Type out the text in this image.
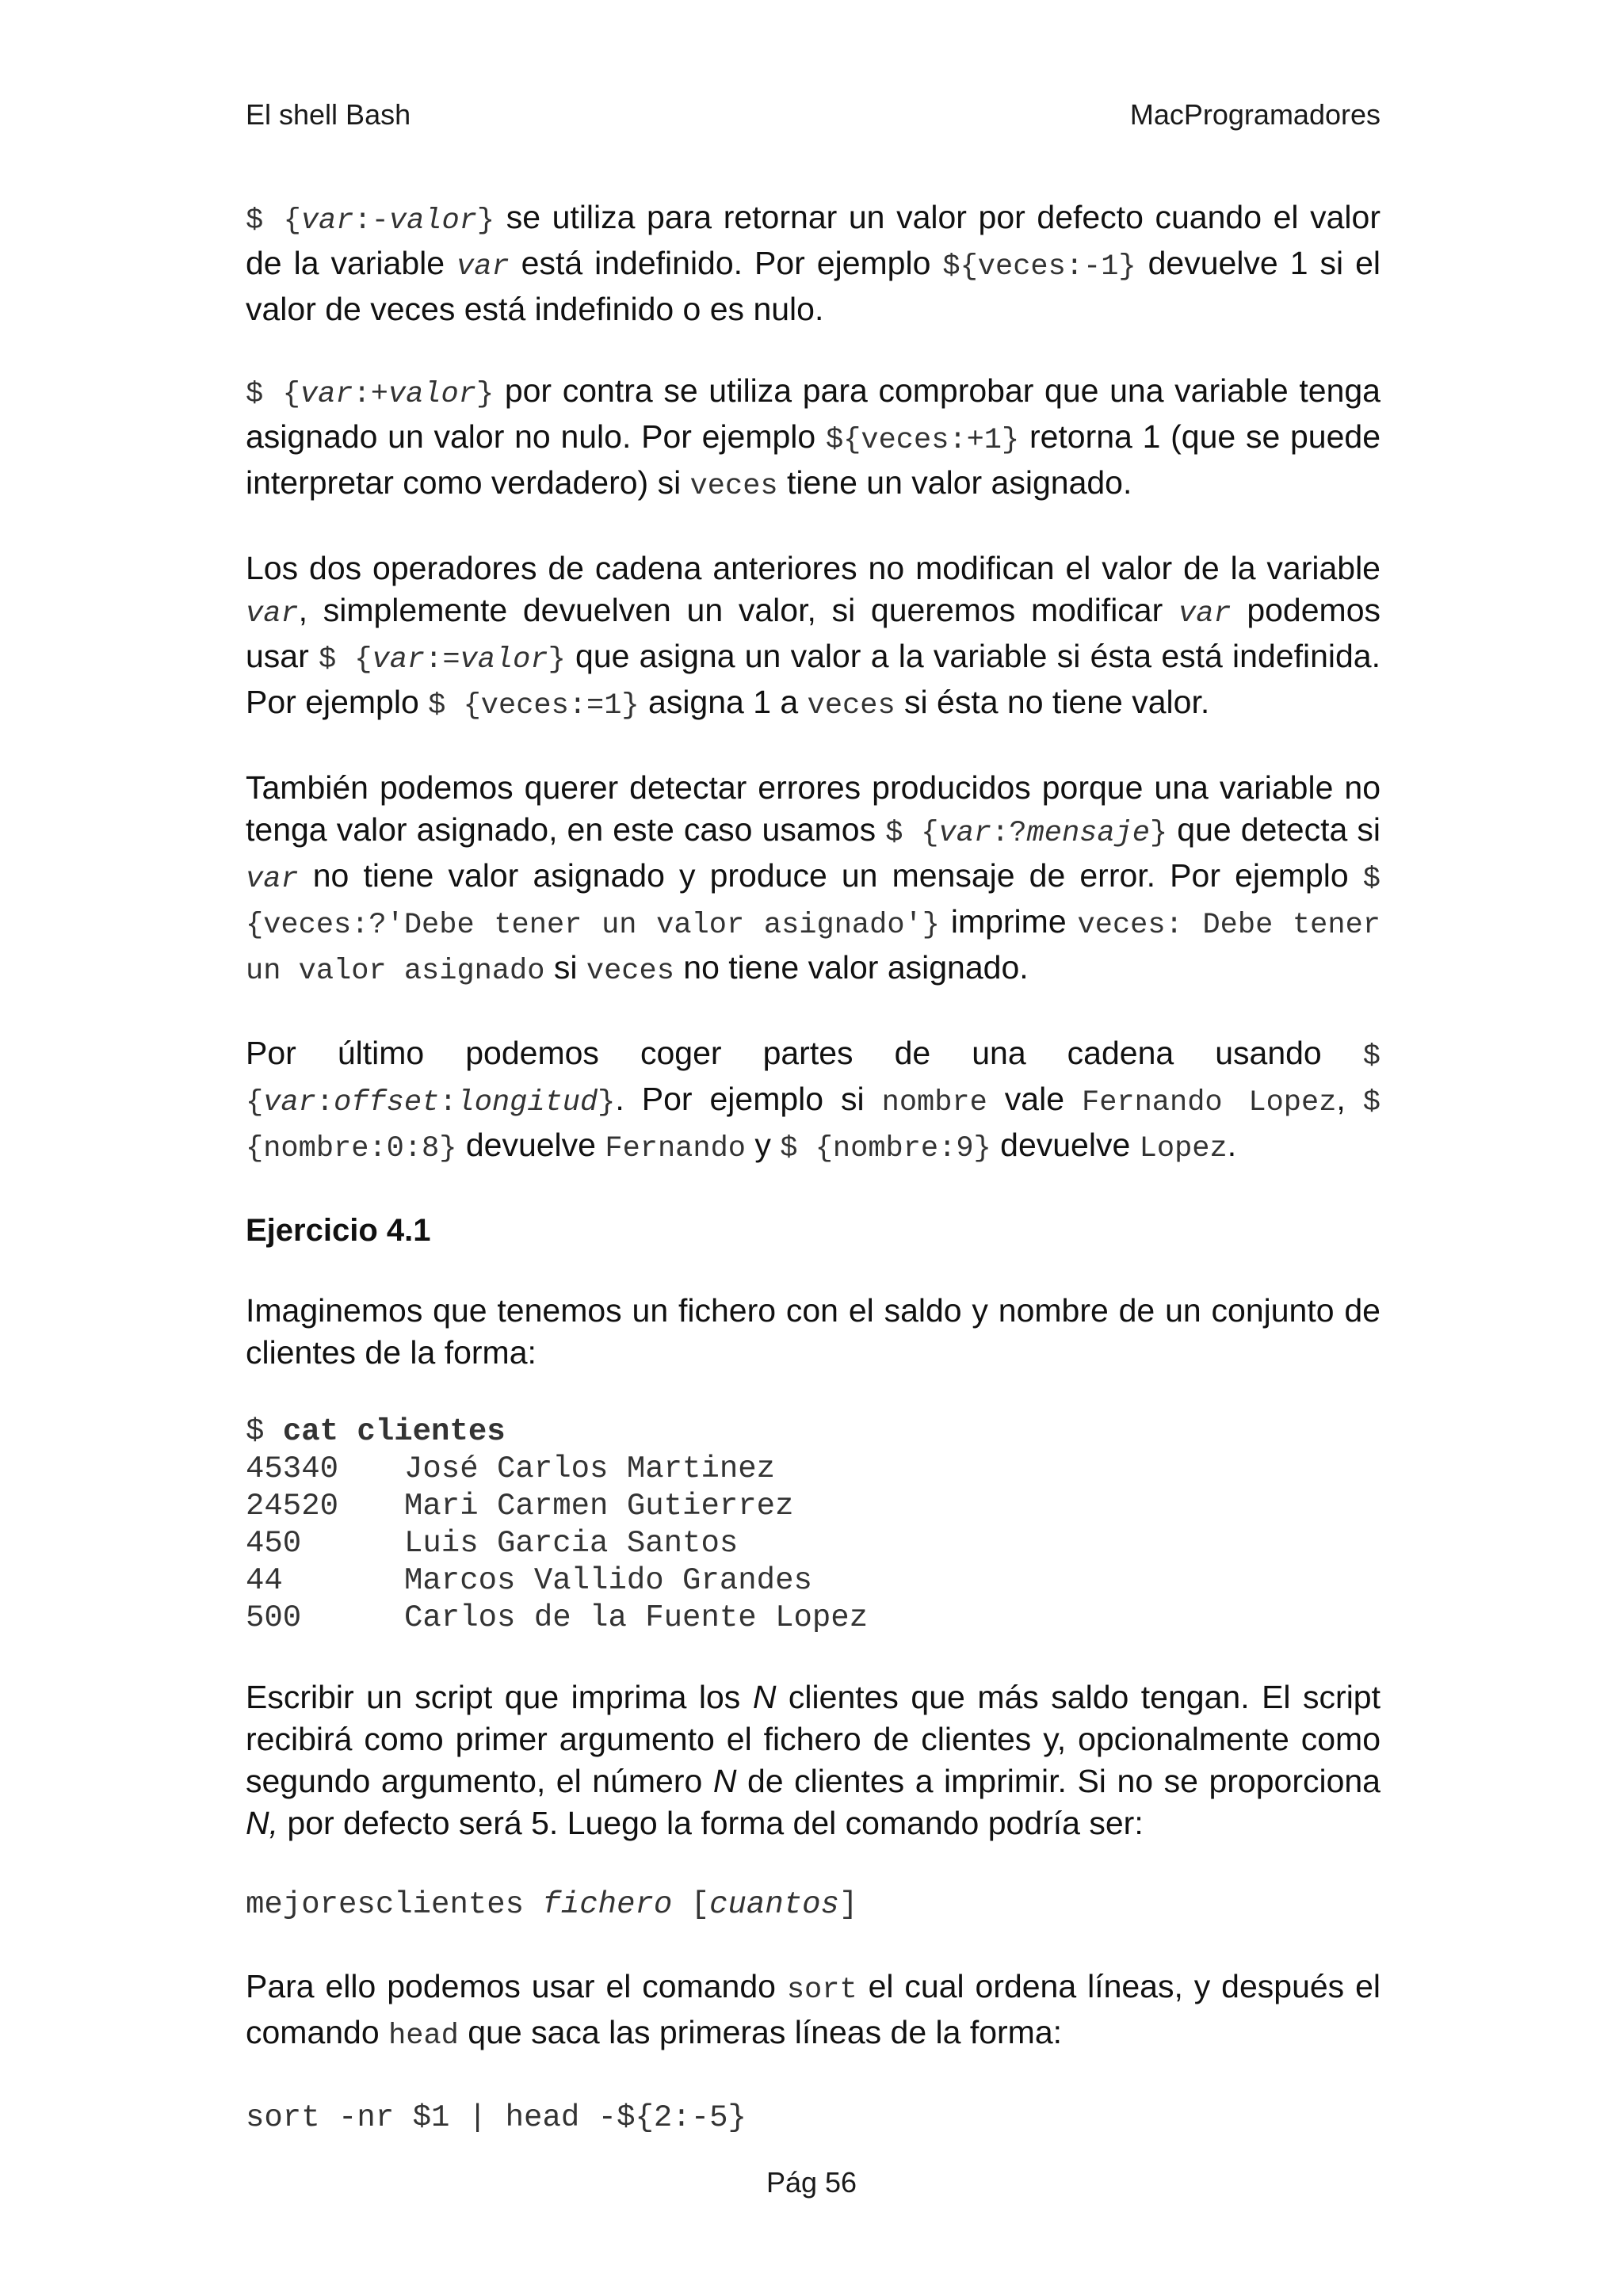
El shell Bash	MacProgramadores

$ {var:-valor} se utiliza para retornar un valor por defecto cuando el valor de la variable var está indefinido. Por ejemplo ${veces:-1} devuelve 1 si el valor de veces está indefinido o es nulo.

$ {var:+valor} por contra se utiliza para comprobar que una variable tenga asignado un valor no nulo. Por ejemplo ${veces:+1} retorna 1 (que se puede interpretar como verdadero) si veces tiene un valor asignado.

Los dos operadores de cadena anteriores no modifican el valor de la variable var, simplemente devuelven un valor, si queremos modificar var podemos usar $ {var:=valor} que asigna un valor a la variable si ésta está indefinida. Por ejemplo $ {veces:=1} asigna 1 a veces si ésta no tiene valor.

También podemos querer detectar errores producidos porque una variable no tenga valor asignado, en este caso usamos $ {var:?mensaje} que detecta si var no tiene valor asignado y produce un mensaje de error. Por ejemplo $ {veces:?'Debe tener un valor asignado'} imprime veces: Debe tener un valor asignado si veces no tiene valor asignado.

Por último podemos coger partes de una cadena usando $ {var:offset:longitud}. Por ejemplo si nombre vale Fernando Lopez, $ {nombre:0:8} devuelve Fernando y $ {nombre:9} devuelve Lopez.

Ejercicio 4.1

Imaginemos que tenemos un fichero con el saldo y nombre de un conjunto de clientes de la forma:

$ cat clientes
45340 José Carlos Martinez
24520 Mari Carmen Gutierrez
450	Luis Garcia Santos
44	Marcos Vallido Grandes
500	Carlos de la Fuente Lopez

Escribir un script que imprima los N clientes que más saldo tengan. El script recibirá como primer argumento el fichero de clientes y, opcionalmente como segundo argumento, el número N de clientes a imprimir. Si no se proporciona N, por defecto será 5. Luego la forma del comando podría ser:

mejoresclientes fichero [cuantos]

Para ello podemos usar el comando sort el cual ordena líneas, y después el comando head que saca las primeras líneas de la forma:

sort -nr $1 | head -${2:-5}
Pág 56
